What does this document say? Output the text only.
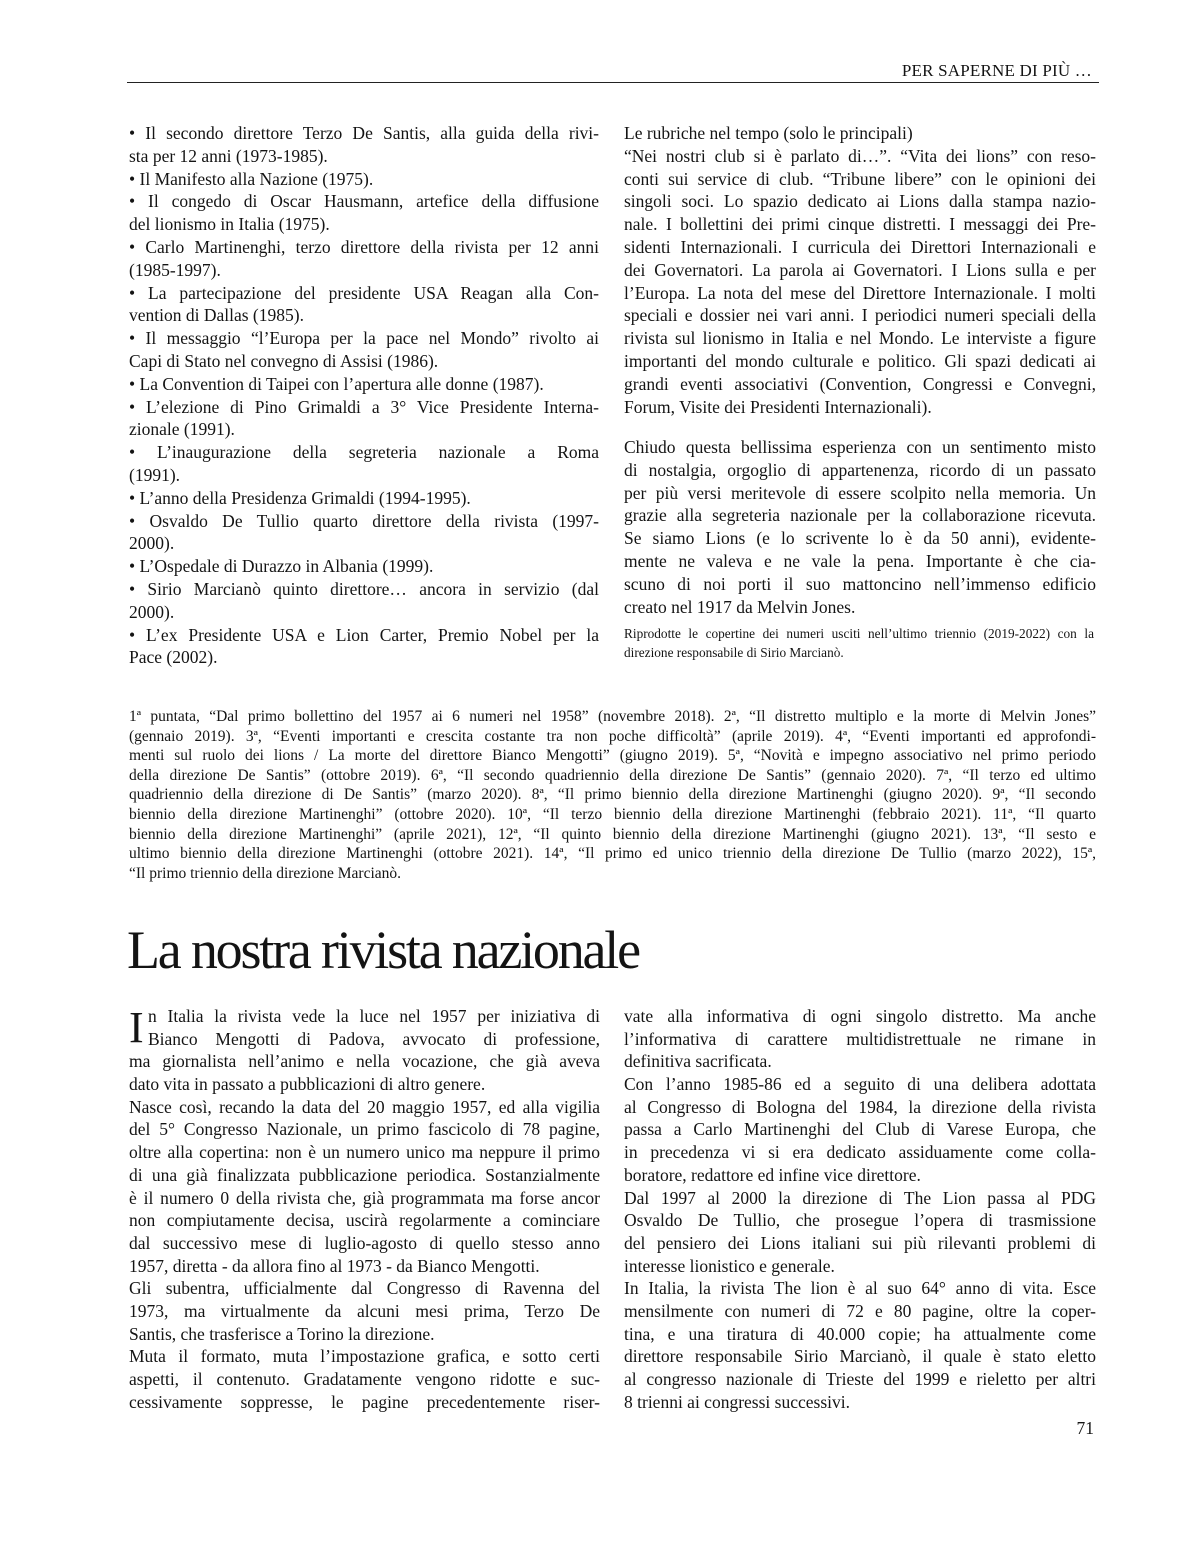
PER SAPERNE DI PIÙ …
• Il secondo direttore Terzo De Santis, alla guida della rivi-
sta per 12 anni (1973-1985).
• Il Manifesto alla Nazione (1975).
• Il congedo di Oscar Hausmann, artefice della diffusione
del lionismo in Italia (1975).
• Carlo Martinenghi, terzo direttore della rivista per 12 anni
(1985-1997).
• La partecipazione del presidente USA Reagan alla Con-
vention di Dallas (1985).
• Il messaggio “l’Europa per la pace nel Mondo” rivolto ai
Capi di Stato nel convegno di Assisi (1986).
• La Convention di Taipei con l’apertura alle donne (1987).
• L’elezione di Pino Grimaldi a 3° Vice Presidente Interna-
zionale (1991).
• L’inaugurazione della segreteria nazionale a Roma
(1991).
• L’anno della Presidenza Grimaldi (1994-1995).
• Osvaldo De Tullio quarto direttore della rivista (1997-
2000).
• L’Ospedale di Durazzo in Albania (1999).
• Sirio Marcianò quinto direttore… ancora in servizio (dal
2000).
• L’ex Presidente USA e Lion Carter, Premio Nobel per la
Pace (2002).
Le rubriche nel tempo (solo le principali)
“Nei nostri club si è parlato di…”. “Vita dei lions” con reso-
conti sui service di club. “Tribune libere” con le opinioni dei
singoli soci. Lo spazio dedicato ai Lions dalla stampa nazio-
nale. I bollettini dei primi cinque distretti. I messaggi dei Pre-
sidenti Internazionali. I curricula dei Direttori Internazionali e
dei Governatori. La parola ai Governatori. I Lions sulla e per
l’Europa. La nota del mese del Direttore Internazionale. I molti
speciali e dossier nei vari anni. I periodici numeri speciali della
rivista sul lionismo in Italia e nel Mondo. Le interviste a figure
importanti del mondo culturale e politico. Gli spazi dedicati ai
grandi eventi associativi (Convention, Congressi e Convegni,
Forum, Visite dei Presidenti Internazionali).
Chiudo questa bellissima esperienza con un sentimento misto
di nostalgia, orgoglio di appartenenza, ricordo di un passato
per più versi meritevole di essere scolpito nella memoria. Un
grazie alla segreteria nazionale per la collaborazione ricevuta.
Se siamo Lions (e lo scrivente lo è da 50 anni), evidente-
mente ne valeva e ne vale la pena. Importante è che cia-
scuno di noi porti il suo mattoncino nell’immenso edificio
creato nel 1917 da Melvin Jones.
Riprodotte le copertine dei numeri usciti nell’ultimo triennio (2019-2022) con la
direzione responsabile di Sirio Marcianò.
1ª puntata, “Dal primo bollettino del 1957 ai 6 numeri nel 1958” (novembre 2018). 2ª, “Il distretto multiplo e la morte di Melvin Jones”
(gennaio 2019). 3ª, “Eventi importanti e crescita costante tra non poche difficoltà” (aprile 2019). 4ª, “Eventi importanti ed approfondi-
menti sul ruolo dei lions / La morte del direttore Bianco Mengotti” (giugno 2019). 5ª, “Novità e impegno associativo nel primo periodo
della direzione De Santis” (ottobre 2019). 6ª, “Il secondo quadriennio della direzione De Santis” (gennaio 2020). 7ª, “Il terzo ed ultimo
quadriennio della direzione di De Santis” (marzo 2020). 8ª, “Il primo biennio della direzione Martinenghi (giugno 2020). 9ª, “Il secondo
biennio della direzione Martinenghi” (ottobre 2020). 10ª, “Il terzo biennio della direzione Martinenghi (febbraio 2021). 11ª, “Il quarto
biennio della direzione Martinenghi” (aprile 2021), 12ª, “Il quinto biennio della direzione Martinenghi (giugno 2021). 13ª, “Il sesto e
ultimo biennio della direzione Martinenghi (ottobre 2021). 14ª, “Il primo ed unico triennio della direzione De Tullio (marzo 2022), 15ª,
“Il primo triennio della direzione Marcianò.
La nostra rivista nazionale
I n Italia la rivista vede la luce nel 1957 per iniziativa di
Bianco Mengotti di Padova, avvocato di professione,
ma giornalista nell’animo e nella vocazione, che già aveva
dato vita in passato a pubblicazioni di altro genere.
Nasce così, recando la data del 20 maggio 1957, ed alla vigilia
del 5° Congresso Nazionale, un primo fascicolo di 78 pagine,
oltre alla copertina: non è un numero unico ma neppure il primo
di una già finalizzata pubblicazione periodica. Sostanzialmente
è il numero 0 della rivista che, già programmata ma forse ancor
non compiutamente decisa, uscirà regolarmente a cominciare
dal successivo mese di luglio-agosto di quello stesso anno
1957, diretta - da allora fino al 1973 - da Bianco Mengotti.
Gli subentra, ufficialmente dal Congresso di Ravenna del
1973, ma virtualmente da alcuni mesi prima, Terzo De
Santis, che trasferisce a Torino la direzione.
Muta il formato, muta l’impostazione grafica, e sotto certi
aspetti, il contenuto. Gradatamente vengono ridotte e suc-
cessivamente soppresse, le pagine precedentemente riser-
vate alla informativa di ogni singolo distretto. Ma anche
l’informativa di carattere multidistrettuale ne rimane in
definitiva sacrificata.
Con l’anno 1985-86 ed a seguito di una delibera adottata
al Congresso di Bologna del 1984, la direzione della rivista
passa a Carlo Martinenghi del Club di Varese Europa, che
in precedenza vi si era dedicato assiduamente come colla-
boratore, redattore ed infine vice direttore.
Dal 1997 al 2000 la direzione di The Lion passa al PDG
Osvaldo De Tullio, che prosegue l’opera di trasmissione
del pensiero dei Lions italiani sui più rilevanti problemi di
interesse lionistico e generale.
In Italia, la rivista The lion è al suo 64° anno di vita. Esce
mensilmente con numeri di 72 e 80 pagine, oltre la coper-
tina, e una tiratura di 40.000 copie; ha attualmente come
direttore responsabile Sirio Marcianò, il quale è stato eletto
al congresso nazionale di Trieste del 1999 e rieletto per altri
8 trienni ai congressi successivi.
71
